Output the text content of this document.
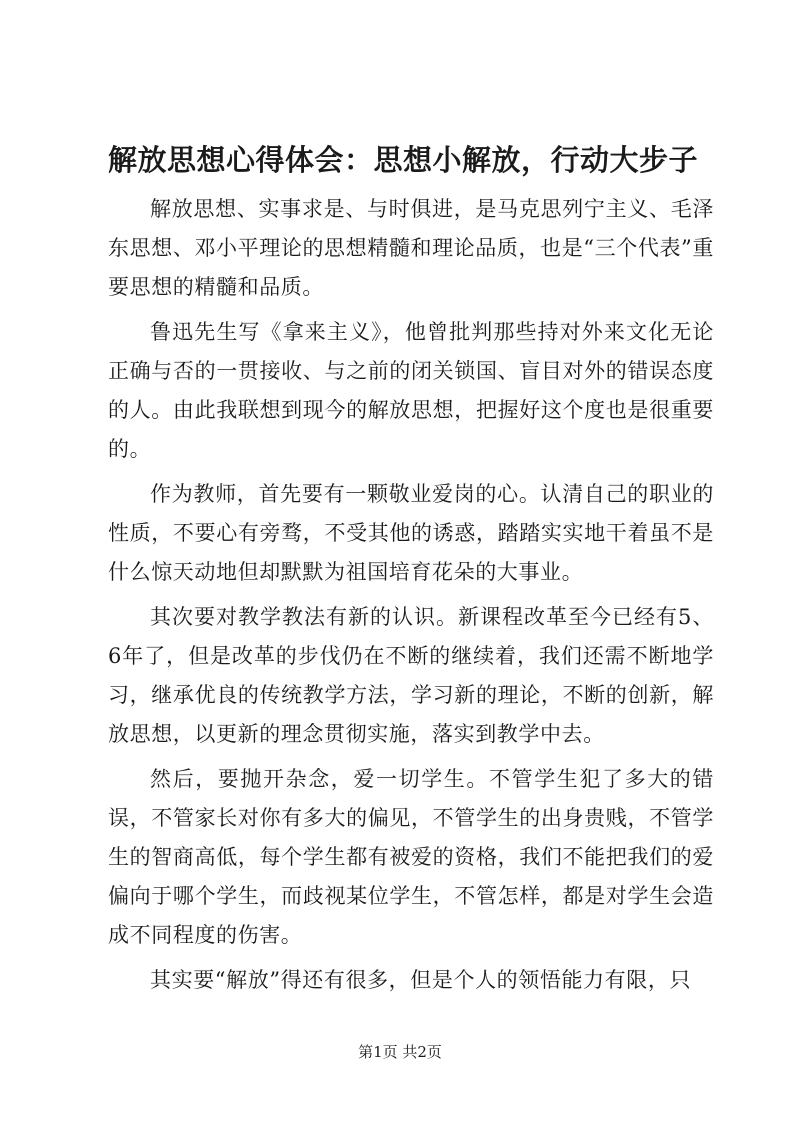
解放思想心得体会：思想小解放，行动大步子

解放思想、实事求是、与时俱进，是马克思列宁主义、毛泽东思想、邓小平理论的思想精髓和理论品质，也是“三个代表”重要思想的精髓和品质。

鲁迅先生写《拿来主义》，他曾批判那些持对外来文化无论正确与否的一贯接收、与之前的闭关锁国、盲目对外的错误态度的人。由此我联想到现今的解放思想，把握好这个度也是很重要的。

作为教师，首先要有一颗敬业爱岗的心。认清自己的职业的性质，不要心有旁骛，不受其他的诱惑，踏踏实实地干着虽不是什么惊天动地但却默默为祖国培育花朵的大事业。

其次要对教学教法有新的认识。新课程改革至今已经有5、6年了，但是改革的步伐仍在不断的继续着，我们还需不断地学习，继承优良的传统教学方法，学习新的理论，不断的创新，解放思想，以更新的理念贯彻实施，落实到教学中去。

然后，要抛开杂念，爱一切学生。不管学生犯了多大的错误，不管家长对你有多大的偏见，不管学生的出身贵贱，不管学生的智商高低，每个学生都有被爱的资格，我们不能把我们的爱偏向于哪个学生，而歧视某位学生，不管怎样，都是对学生会造成不同程度的伤害。

其实要“解放”得还有很多，但是个人的领悟能力有限，只

第1页 共2页
